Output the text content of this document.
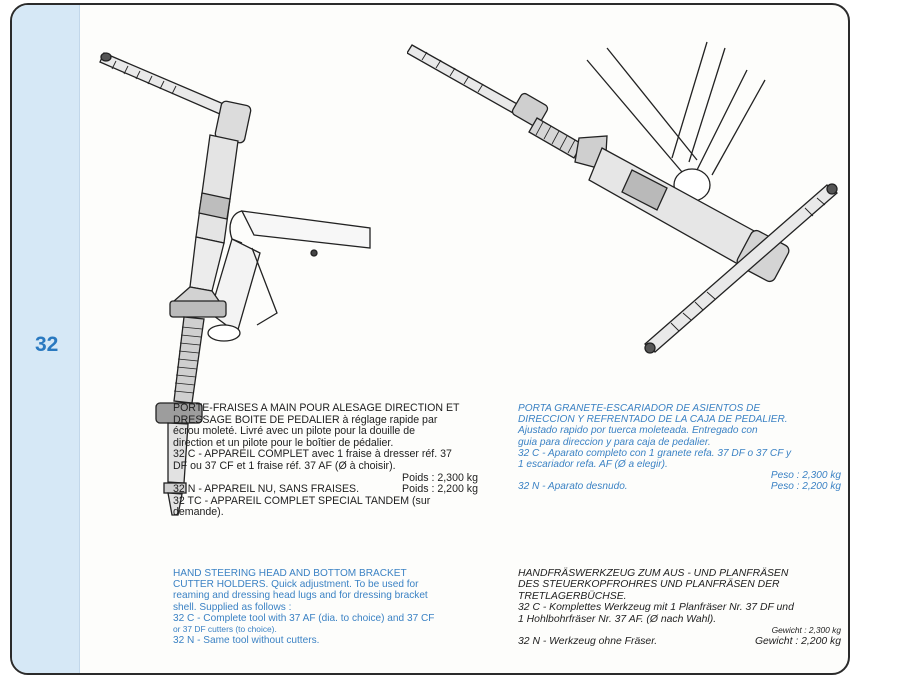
32
PORTE-FRAISES A MAIN POUR ALESAGE DIRECTION ET
DRESSAGE BOITE DE PEDALIER à réglage rapide par
écrou moleté. Livré avec un pilote pour la douille de
direction et un pilote pour le boîtier de pédalier.
32 C - APPAREIL COMPLET avec 1 fraise à dresser réf. 37
DF ou 37 CF et 1 fraise réf. 37 AF (Ø à choisir).
Poids : 2,300 kg
32 N - APPAREIL NU, SANS FRAISES.	Poids : 2,200 kg
32 TC - APPAREIL COMPLET SPECIAL TANDEM (sur
demande).
PORTA GRANETE-ESCARIADOR DE ASIENTOS DE
DIRECCION Y REFRENTADO DE LA CAJA DE PEDALIER.
Ajustado rapido por tuerca moleteada. Entregado con
guia para direccion y para caja de pedalier.
32 C - Aparato completo con 1 granete refa. 37 DF o 37 CF y
1 escariador refa. AF (Ø a elegir).
Peso : 2,300 kg
32 N - Aparato desnudo.	Peso : 2,200 kg
HAND STEERING HEAD AND BOTTOM BRACKET
CUTTER HOLDERS. Quick adjustment. To be used for
reaming and dressing head lugs and for dressing bracket
shell. Supplied as follows :
32 C - Complete tool with 37 AF (dia. to choice) and 37 CF
or 37 DF cutters (to choice).
32 N - Same tool without cutters.
HANDFRÄSWERKZEUG ZUM AUS - UND PLANFRÄSEN
DES STEUERKOPFROHRES UND PLANFRÄSEN DER
TRETLAGERBÜCHSE.
32 C - Komplettes Werkzeug mit 1 Planfräser Nr. 37 DF und
1 Hohlbohrfräser Nr. 37 AF. (Ø nach Wahl).
Gewicht : 2,300 kg
32 N - Werkzeug ohne Fräser.	Gewicht : 2,200 kg
